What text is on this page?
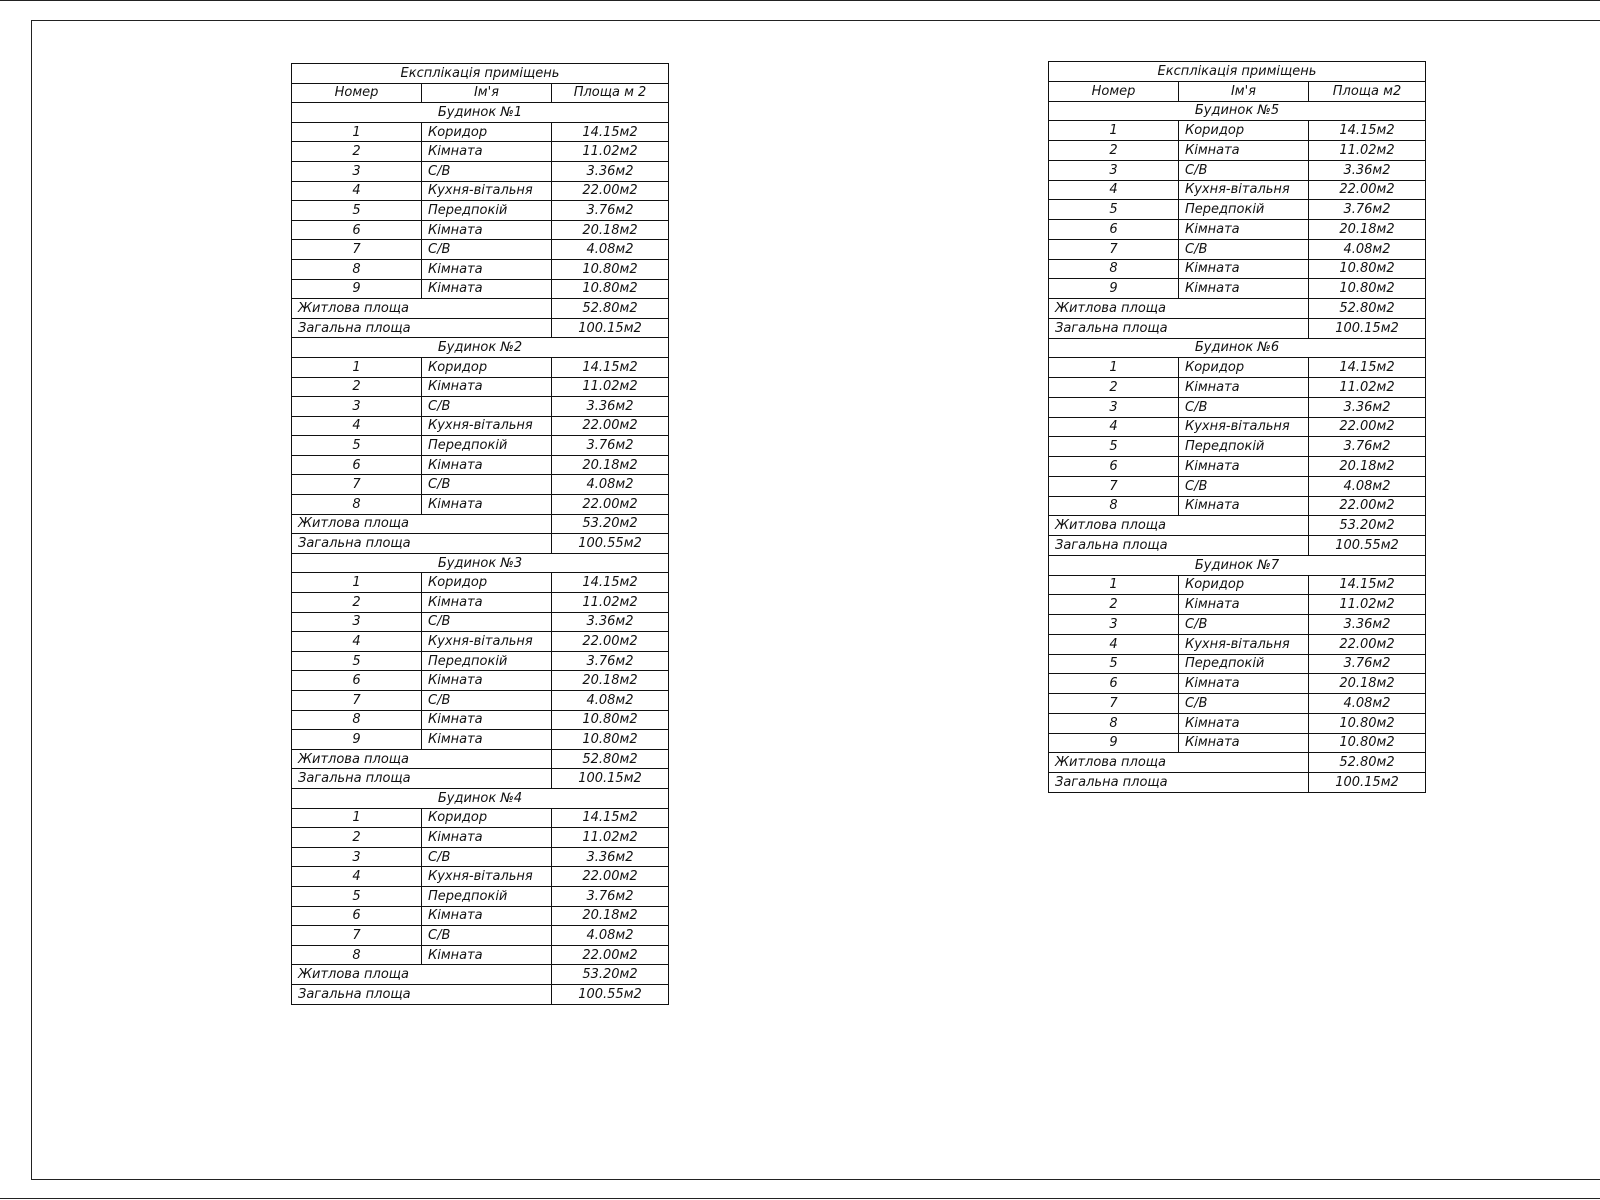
Експлікація приміщень		
Номер	Ім'я	Площа м 2
Будинок №1		
1	Коридор	14.15м2
2	Кімната	11.02м2
3	С/В	3.36м2
4	Кухня-вітальня	22.00м2
5	Передпокій	3.76м2
6	Кімната	20.18м2
7	С/В	4.08м2
8	Кімната	10.80м2
9	Кімната	10.80м2
Житлова площа		52.80м2
Загальна площа		100.15м2
Будинок №2		
1	Коридор	14.15м2
2	Кімната	11.02м2
3	С/В	3.36м2
4	Кухня-вітальня	22.00м2
5	Передпокій	3.76м2
6	Кімната	20.18м2
7	С/В	4.08м2
8	Кімната	22.00м2
Житлова площа		53.20м2
Загальна площа		100.55м2
Будинок №3		
1	Коридор	14.15м2
2	Кімната	11.02м2
3	С/В	3.36м2
4	Кухня-вітальня	22.00м2
5	Передпокій	3.76м2
6	Кімната	20.18м2
7	С/В	4.08м2
8	Кімната	10.80м2
9	Кімната	10.80м2
Житлова площа		52.80м2
Загальна площа		100.15м2
Будинок №4		
1	Коридор	14.15м2
2	Кімната	11.02м2
3	С/В	3.36м2
4	Кухня-вітальня	22.00м2
5	Передпокій	3.76м2
6	Кімната	20.18м2
7	С/В	4.08м2
8	Кімната	22.00м2
Житлова площа		53.20м2
Загальна площа		100.55м2
Експлікація приміщень		
Номер	Ім'я	Площа м2
Будинок №5		
1	Коридор	14.15м2
2	Кімната	11.02м2
3	С/В	3.36м2
4	Кухня-вітальня	22.00м2
5	Передпокій	3.76м2
6	Кімната	20.18м2
7	С/В	4.08м2
8	Кімната	10.80м2
9	Кімната	10.80м2
Житлова площа		52.80м2
Загальна площа		100.15м2
Будинок №6		
1	Коридор	14.15м2
2	Кімната	11.02м2
3	С/В	3.36м2
4	Кухня-вітальня	22.00м2
5	Передпокій	3.76м2
6	Кімната	20.18м2
7	С/В	4.08м2
8	Кімната	22.00м2
Житлова площа		53.20м2
Загальна площа		100.55м2
Будинок №7		
1	Коридор	14.15м2
2	Кімната	11.02м2
3	С/В	3.36м2
4	Кухня-вітальня	22.00м2
5	Передпокій	3.76м2
6	Кімната	20.18м2
7	С/В	4.08м2
8	Кімната	10.80м2
9	Кімната	10.80м2
Житлова площа		52.80м2
Загальна площа		100.15м2
